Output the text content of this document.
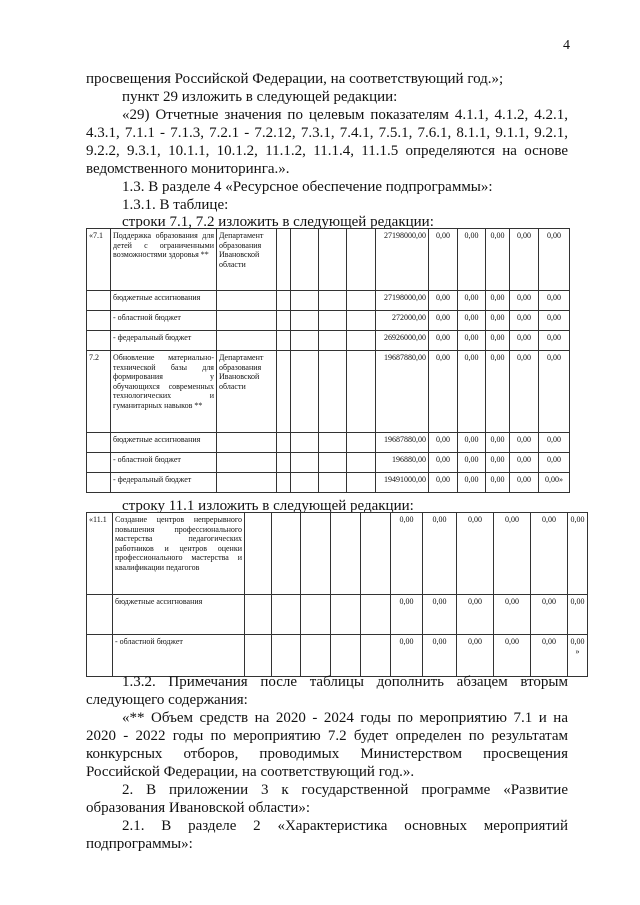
4

просвещения Российской Федерации, на соответствующий год.»;

пункт 29 изложить в следующей редакции:

«29) Отчетные значения по целевым показателям 4.1.1, 4.1.2, 4.2.1, 4.3.1, 7.1.1 - 7.1.3, 7.2.1 - 7.2.12, 7.3.1, 7.4.1, 7.5.1, 7.6.1, 8.1.1, 9.1.1, 9.2.1, 9.2.2, 9.3.1, 10.1.1, 10.1.2, 11.1.2, 11.1.4, 11.1.5 определяются на основе ведомственного мониторинга.».

1.3. В разделе 4 «Ресурсное обеспечение подпрограммы»:

1.3.1. В таблице:

строки 7.1, 7.2 изложить в следующей редакции:

«7.1	Поддержка образования для детей с ограниченными возможностями здоровья **	Департамент образования Ивановской области					27198000,00	0,00	0,00	0,00	0,00	0,00
	бюджетные ассигнования						27198000,00	0,00	0,00	0,00	0,00	0,00
	- областной бюджет						272000,00	0,00	0,00	0,00	0,00	0,00
	- федеральный бюджет						26926000,00	0,00	0,00	0,00	0,00	0,00
7.2	Обновление материально-технической базы для формирования у обучающихся современных технологических и гуманитарных навыков **	Департамент образования Ивановской области					19687880,00	0,00	0,00	0,00	0,00	0,00
	бюджетные ассигнования						19687880,00	0,00	0,00	0,00	0,00	0,00
	- областной бюджет						196880,00	0,00	0,00	0,00	0,00	0,00
	- федеральный бюджет						19491000,00	0,00	0,00	0,00	0,00	0,00»

строку 11.1 изложить в следующей редакции:

«11.1	Создание центров непрерывного повышения профессионального мастерства педагогических работников и центров оценки профессионального мастерства и квалификации педагогов						0,00	0,00	0,00	0,00	0,00	0,00
	бюджетные ассигнования						0,00	0,00	0,00	0,00	0,00	0,00
	- областной бюджет						0,00	0,00	0,00	0,00	0,00	0,00
»

1.3.2. Примечания после таблицы дополнить абзацем вторым следующего содержания:

«** Объем средств на 2020 - 2024 годы по мероприятию 7.1 и на 2020 - 2022 годы по мероприятию 7.2 будет определен по результатам конкурсных отборов, проводимых Министерством просвещения Российской Федерации, на соответствующий год.».

2. В приложении 3 к государственной программе «Развитие образования Ивановской области»:

2.1. В разделе 2 «Характеристика основных мероприятий подпрограммы»:
